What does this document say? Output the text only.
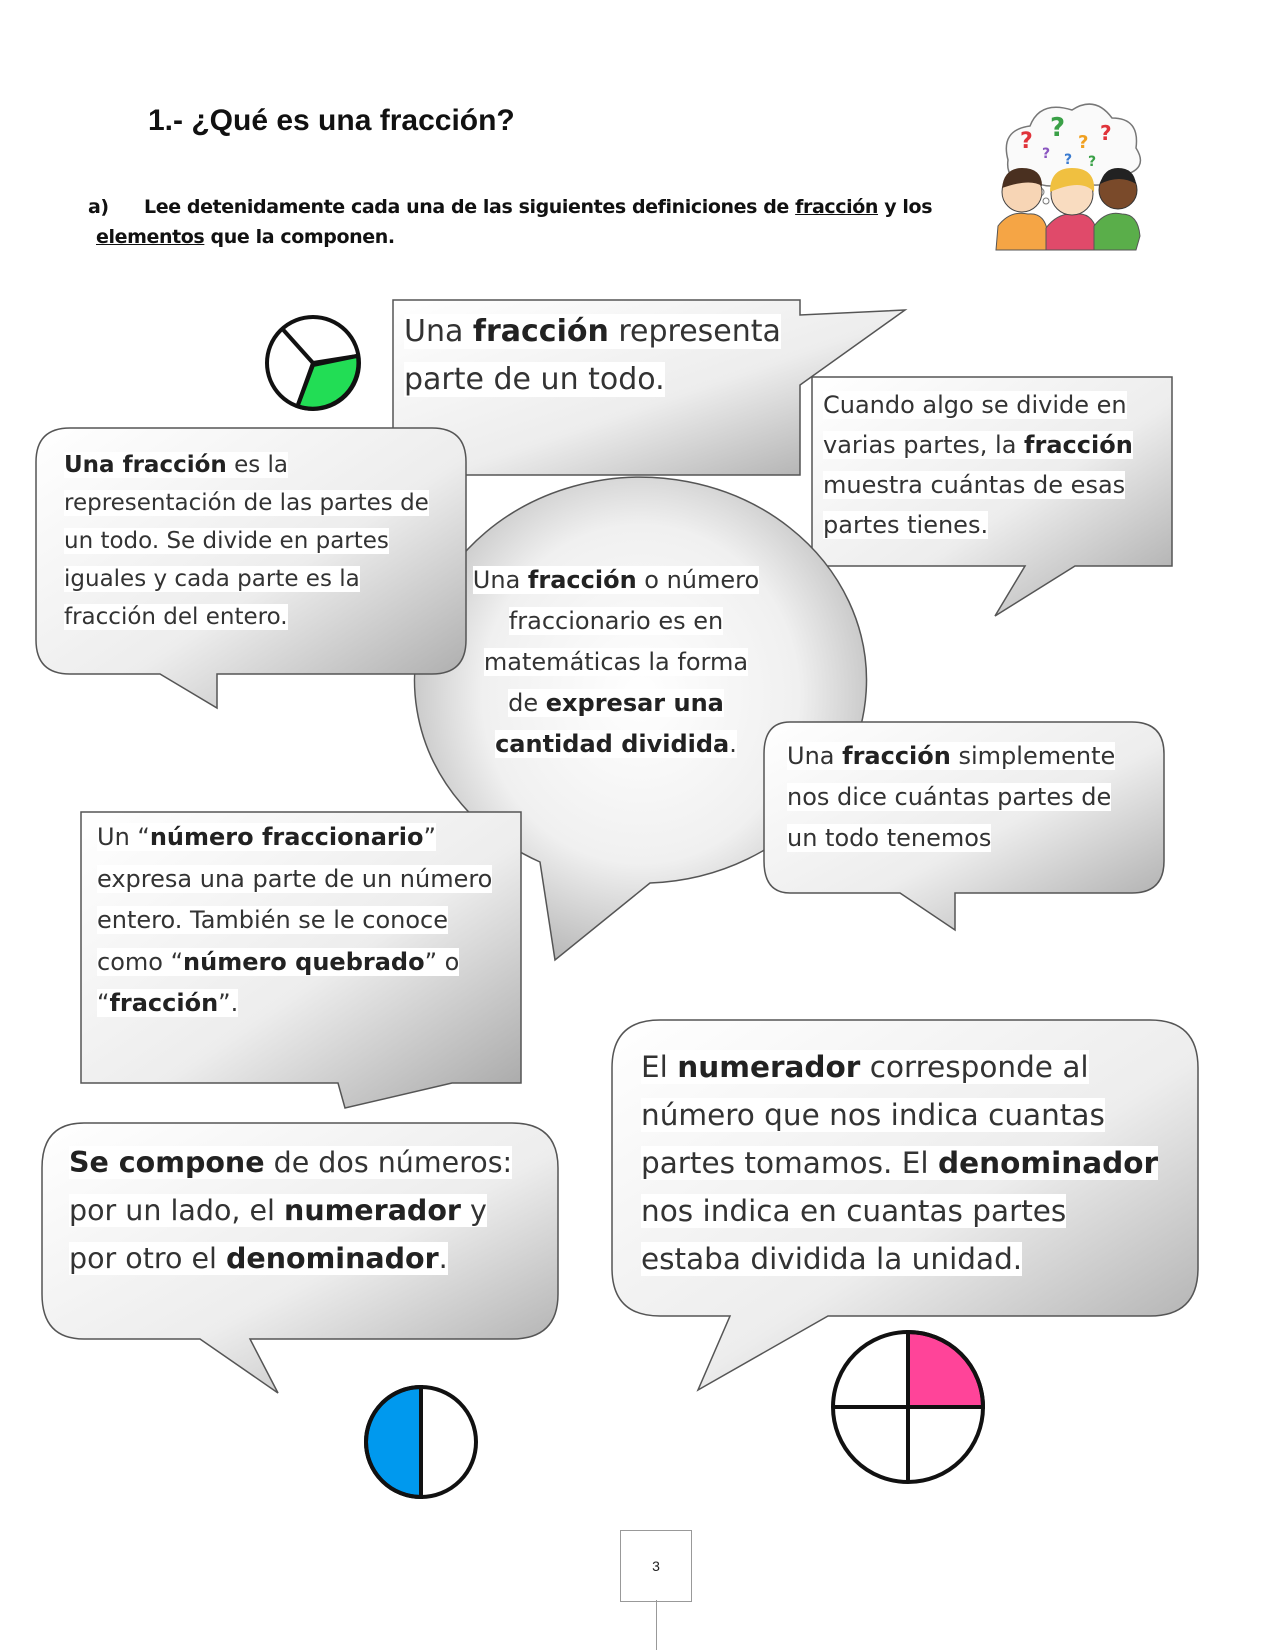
? ? ? ?
? ? ?
1.- ¿Qué es una fracción?
a) Lee detenidamente cada una de las siguientes definiciones de fracción y los
elementos que la componen.
Una fracción representa parte de un todo.
Cuando algo se divide en varias partes, la fracción muestra cuántas de esas partes tienes.
Una fracción es la representación de las partes de un todo. Se divide en partes iguales y cada parte es la fracción del entero.
Una fracción o número fraccionario es en matemáticas la forma de expresar una cantidad dividida.	Una fracción simplemente nos dice cuántas partes de un todo tenemos
Un “número fraccionario” expresa una parte de un número entero. También se le conoce como “número quebrado” o “fracción”.
Se compone de dos números: por un lado, el numerador y por otro el denominador.
El numerador corresponde al número que nos indica cuantas partes tomamos. El denominador nos indica en cuantas partes estaba dividida la unidad.
3
